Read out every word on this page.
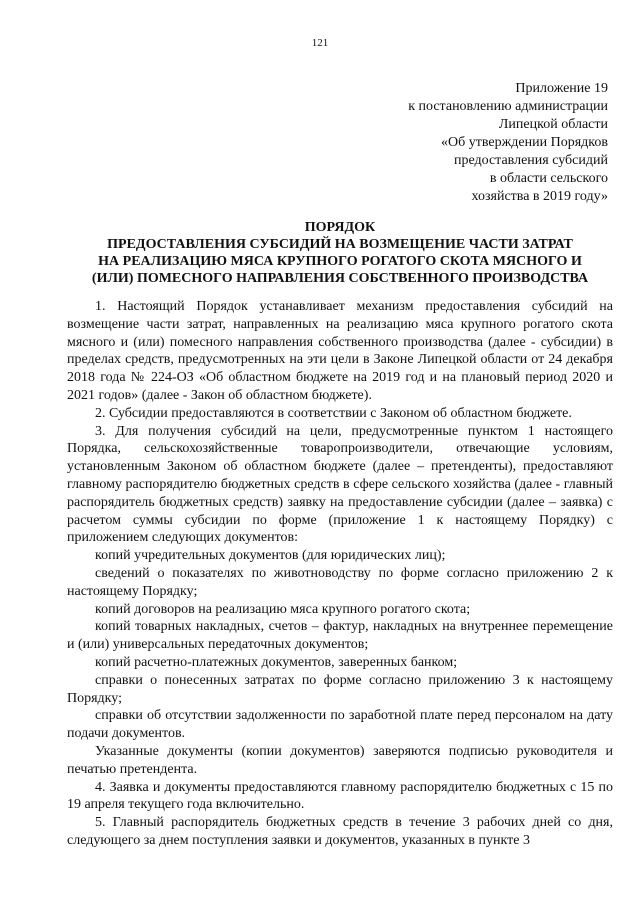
121
Приложение 19
к постановлению администрации
Липецкой области
«Об утверждении Порядков
предоставления субсидий
в области сельского
хозяйства в 2019 году»
ПОРЯДОК
ПРЕДОСТАВЛЕНИЯ СУБСИДИЙ НА ВОЗМЕЩЕНИЕ ЧАСТИ ЗАТРАТ
НА РЕАЛИЗАЦИЮ МЯСА КРУПНОГО РОГАТОГО СКОТА МЯСНОГО И
(ИЛИ) ПОМЕСНОГО НАПРАВЛЕНИЯ СОБСТВЕННОГО ПРОИЗВОДСТВА

1. Настоящий Порядок устанавливает механизм предоставления субсидий на возмещение части затрат, направленных на реализацию мяса крупного рогатого скота мясного и (или) помесного направления собственного производства (далее - субсидии) в пределах средств, предусмотренных на эти цели в Законе Липецкой области от 24 декабря 2018 года № 224-ОЗ «Об областном бюджете на 2019 год и на плановый период 2020 и 2021 годов» (далее - Закон об областном бюджете).

2. Субсидии предоставляются в соответствии с Законом об областном бюджете.

3. Для получения субсидий на цели, предусмотренные пунктом 1 настоящего Порядка, сельскохозяйственные товаропроизводители, отвечающие условиям, установленным Законом об областном бюджете (далее – претенденты), предоставляют главному распорядителю бюджетных средств в сфере сельского хозяйства (далее - главный распорядитель бюджетных средств) заявку на предоставление субсидии (далее – заявка) с расчетом суммы субсидии по форме (приложение 1 к настоящему Порядку) с приложением следующих документов:

копий учредительных документов (для юридических лиц);

сведений о показателях по животноводству по форме согласно приложению 2 к настоящему Порядку;

копий договоров на реализацию мяса крупного рогатого скота;

копий товарных накладных, счетов – фактур, накладных на внутреннее перемещение и (или) универсальных передаточных документов;

копий расчетно-платежных документов, заверенных банком;

справки о понесенных затратах по форме согласно приложению 3 к настоящему Порядку;

справки об отсутствии задолженности по заработной плате перед персоналом на дату подачи документов.

Указанные документы (копии документов) заверяются подписью руководителя и печатью претендента.

4. Заявка и документы предоставляются главному распорядителю бюджетных с 15 по 19 апреля текущего года включительно.

5. Главный распорядитель бюджетных средств в течение 3 рабочих дней со дня, следующего за днем поступления заявки и документов, указанных в пункте 3
